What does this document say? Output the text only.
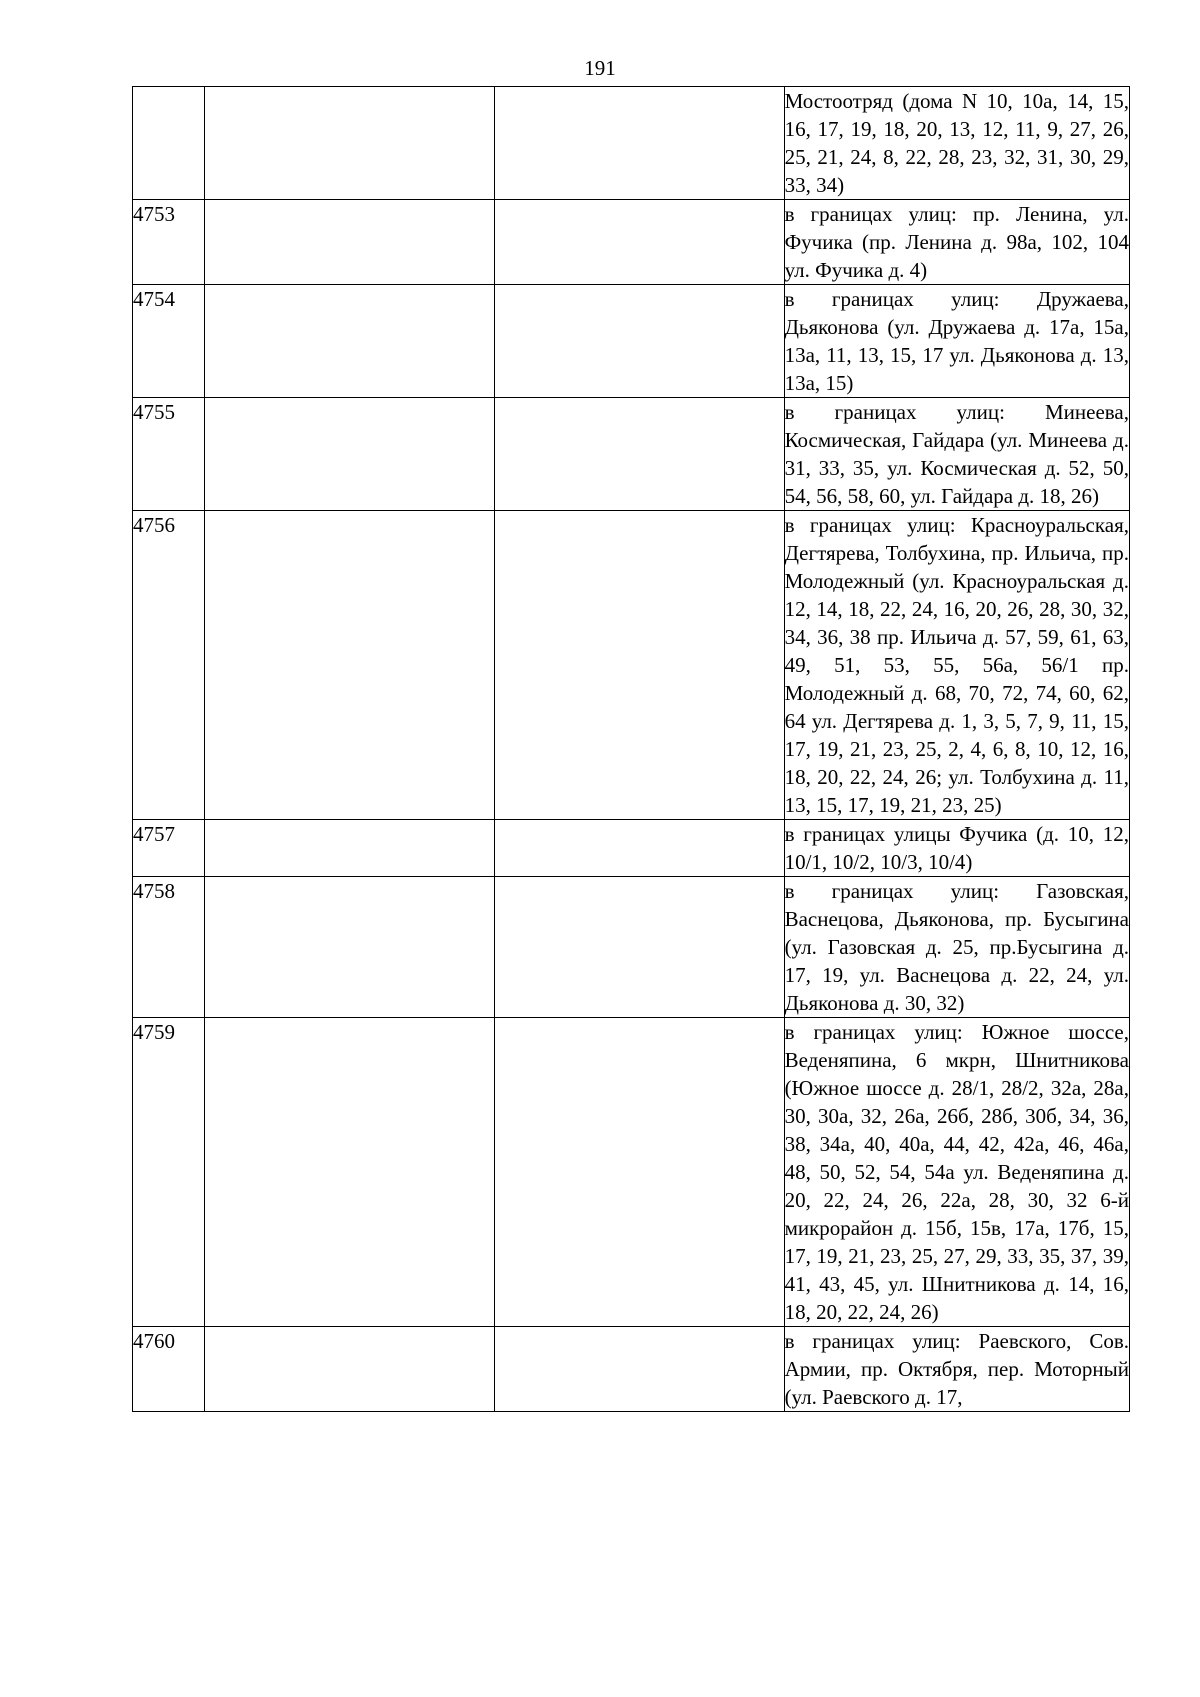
191

			Мостоотряд (дома N 10, 10а, 14, 15, 16, 17, 19, 18, 20, 13, 12, 11, 9, 27, 26, 25, 21, 24, 8, 22, 28, 23, 32, 31, 30, 29, 33, 34)

4753			в границах улиц: пр. Ленина, ул. Фучика (пр. Ленина д. 98а, 102, 104 ул. Фучика д. 4)

4754			в границах улиц: Дружаева, Дьяконова (ул. Дружаева д. 17а, 15а, 13а, 11, 13, 15, 17 ул. Дьяконова д. 13, 13а, 15)

4755			в границах улиц: Минеева, Космическая, Гайдара (ул. Минеева д. 31, 33, 35, ул. Космическая д. 52, 50, 54, 56, 58, 60, ул. Гайдара д. 18, 26)

4756			в границах улиц: Красноуральская, Дегтярева, Толбухина, пр. Ильича, пр. Молодежный (ул. Красноуральская д. 12, 14, 18, 22, 24, 16, 20, 26, 28, 30, 32, 34, 36, 38 пр. Ильича д. 57, 59, 61, 63, 49, 51, 53, 55, 56а, 56/1 пр. Молодежный д. 68, 70, 72, 74, 60, 62, 64 ул. Дегтярева д. 1, 3, 5, 7, 9, 11, 15, 17, 19, 21, 23, 25, 2, 4, 6, 8, 10, 12, 16, 18, 20, 22, 24, 26; ул. Толбухина д. 11, 13, 15, 17, 19, 21, 23, 25)

4757			в границах улицы Фучика (д. 10, 12, 10/1, 10/2, 10/3, 10/4)

4758			в границах улиц: Газовская, Васнецова, Дьяконова, пр. Бусыгина (ул. Газовская д. 25, пр.Бусыгина д. 17, 19, ул. Васнецова д. 22, 24, ул. Дьяконова д. 30, 32)

4759			в границах улиц: Южное шоссе, Веденяпина, 6 мкрн, Шнитникова (Южное шоссе д. 28/1, 28/2, 32а, 28а, 30, 30а, 32, 26а, 26б, 28б, 30б, 34, 36, 38, 34а, 40, 40а, 44, 42, 42а, 46, 46а, 48, 50, 52, 54, 54а ул. Веденяпина д. 20, 22, 24, 26, 22а, 28, 30, 32 6-й микрорайон д. 15б, 15в, 17а, 17б, 15, 17, 19, 21, 23, 25, 27, 29, 33, 35, 37, 39, 41, 43, 45, ул. Шнитникова д. 14, 16, 18, 20, 22, 24, 26)

4760			в границах улиц: Раевского, Сов. Армии, пр. Октября, пер. Моторный (ул. Раевского д. 17,
